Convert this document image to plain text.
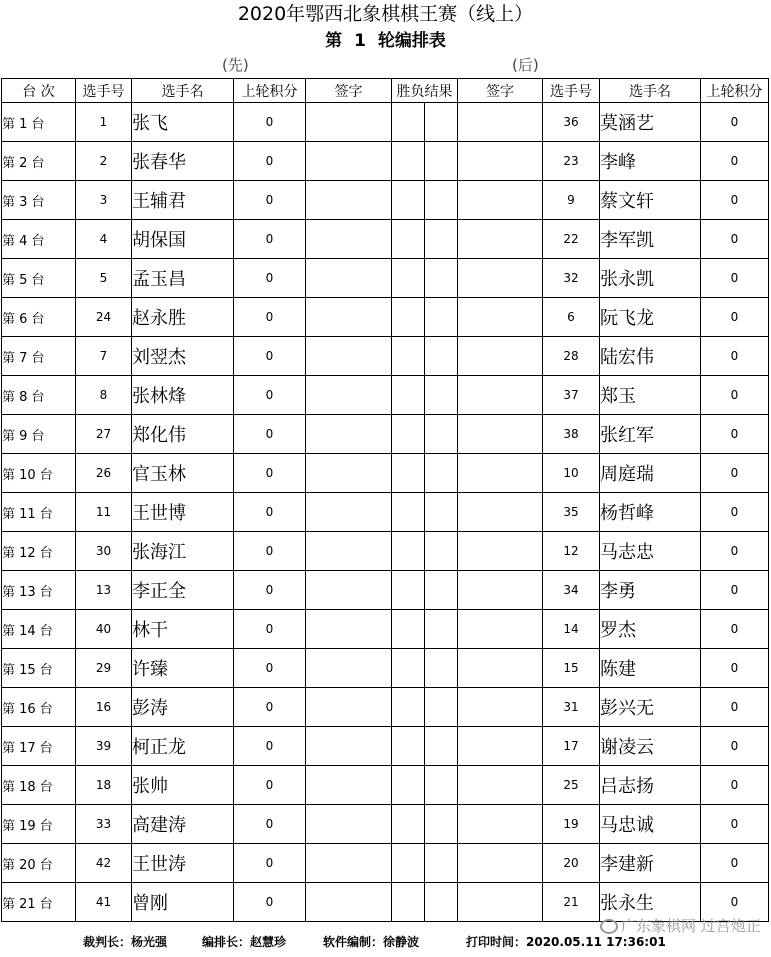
2020年鄂西北象棋棋王赛（线上）
第 1 轮编排表
(先)	(后)
台 次	选手号	选手名	上轮积分	签字	胜负结果		签字	选手号	选手名	上轮积分
第 1 台	1	张飞	0					36	莫涵艺	0
第 2 台	2	张春华	0					23	李峰	0
第 3 台	3	王辅君	0					9	蔡文轩	0
第 4 台	4	胡保国	0					22	李军凯	0
第 5 台	5	孟玉昌	0					32	张永凯	0
第 6 台	24	赵永胜	0					6	阮飞龙	0
第 7 台	7	刘翌杰	0					28	陆宏伟	0
第 8 台	8	张林烽	0					37	郑玉	0
第 9 台	27	郑化伟	0					38	张红军	0
第 10 台	26	官玉林	0					10	周庭瑞	0
第 11 台	11	王世博	0					35	杨哲峰	0
第 12 台	30	张海江	0					12	马志忠	0
第 13 台	13	李正全	0					34	李勇	0
第 14 台	40	林干	0					14	罗杰	0
第 15 台	29	许臻	0					15	陈建	0
第 16 台	16	彭涛	0					31	彭兴无	0
第 17 台	39	柯正龙	0					17	谢凌云	0
第 18 台	18	张帅	0					25	吕志扬	0
第 19 台	33	高建涛	0					19	马忠诚	0
第 20 台	42	王世涛	0					20	李建新	0
第 21 台	41	曾刚	0					21	张永生	0
广东象棋网 过宫炮正
裁判长：杨光强	编排长：赵慧珍	软件编制：徐静波	打印时间：2020.05.11 17:36:01
